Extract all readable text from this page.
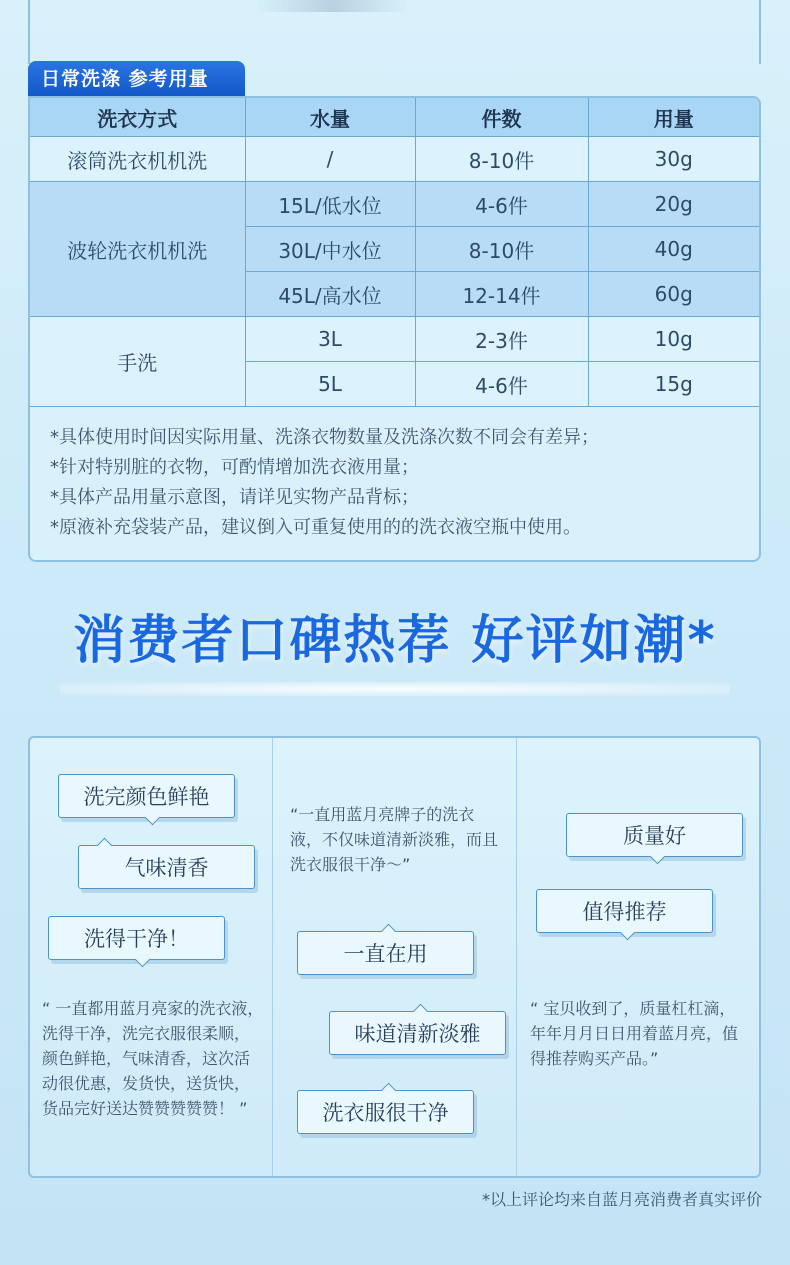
日常洗涤 参考用量
洗衣方式	水量	件数	用量
滚筒洗衣机机洗	/	8-10件	30g
波轮洗衣机机洗	15L/低水位	4-6件	20g
	30L/中水位	8-10件	40g
	45L/高水位	12-14件	60g
手洗	3L	2-3件	10g
	5L	4-6件	15g
*具体使用时间因实际用量、洗涤衣物数量及洗涤次数不同会有差异；
*针对特别脏的衣物，可酌情增加洗衣液用量；
*具体产品用量示意图，请详见实物产品背标；
*原液补充袋装产品，建议倒入可重复使用的的洗衣液空瓶中使用。
消费者口碑热荐 好评如潮*
洗完颜色鲜艳
气味清香
洗得干净！
“ 一直都用蓝月亮家的洗衣液，洗得干净，洗完衣服很柔顺，颜色鲜艳，气味清香，这次活动很优惠，发货快，送货快，货品完好送达赞赞赞赞赞！ ”
“一直用蓝月亮牌子的洗衣液，不仅味道清新淡雅，而且洗衣服很干净～”
一直在用
味道清新淡雅
洗衣服很干净
质量好
值得推荐
“ 宝贝收到了，质量杠杠滴，年年月月日日用着蓝月亮，值得推荐购买产品。”
*以上评论均来自蓝月亮消费者真实评价
